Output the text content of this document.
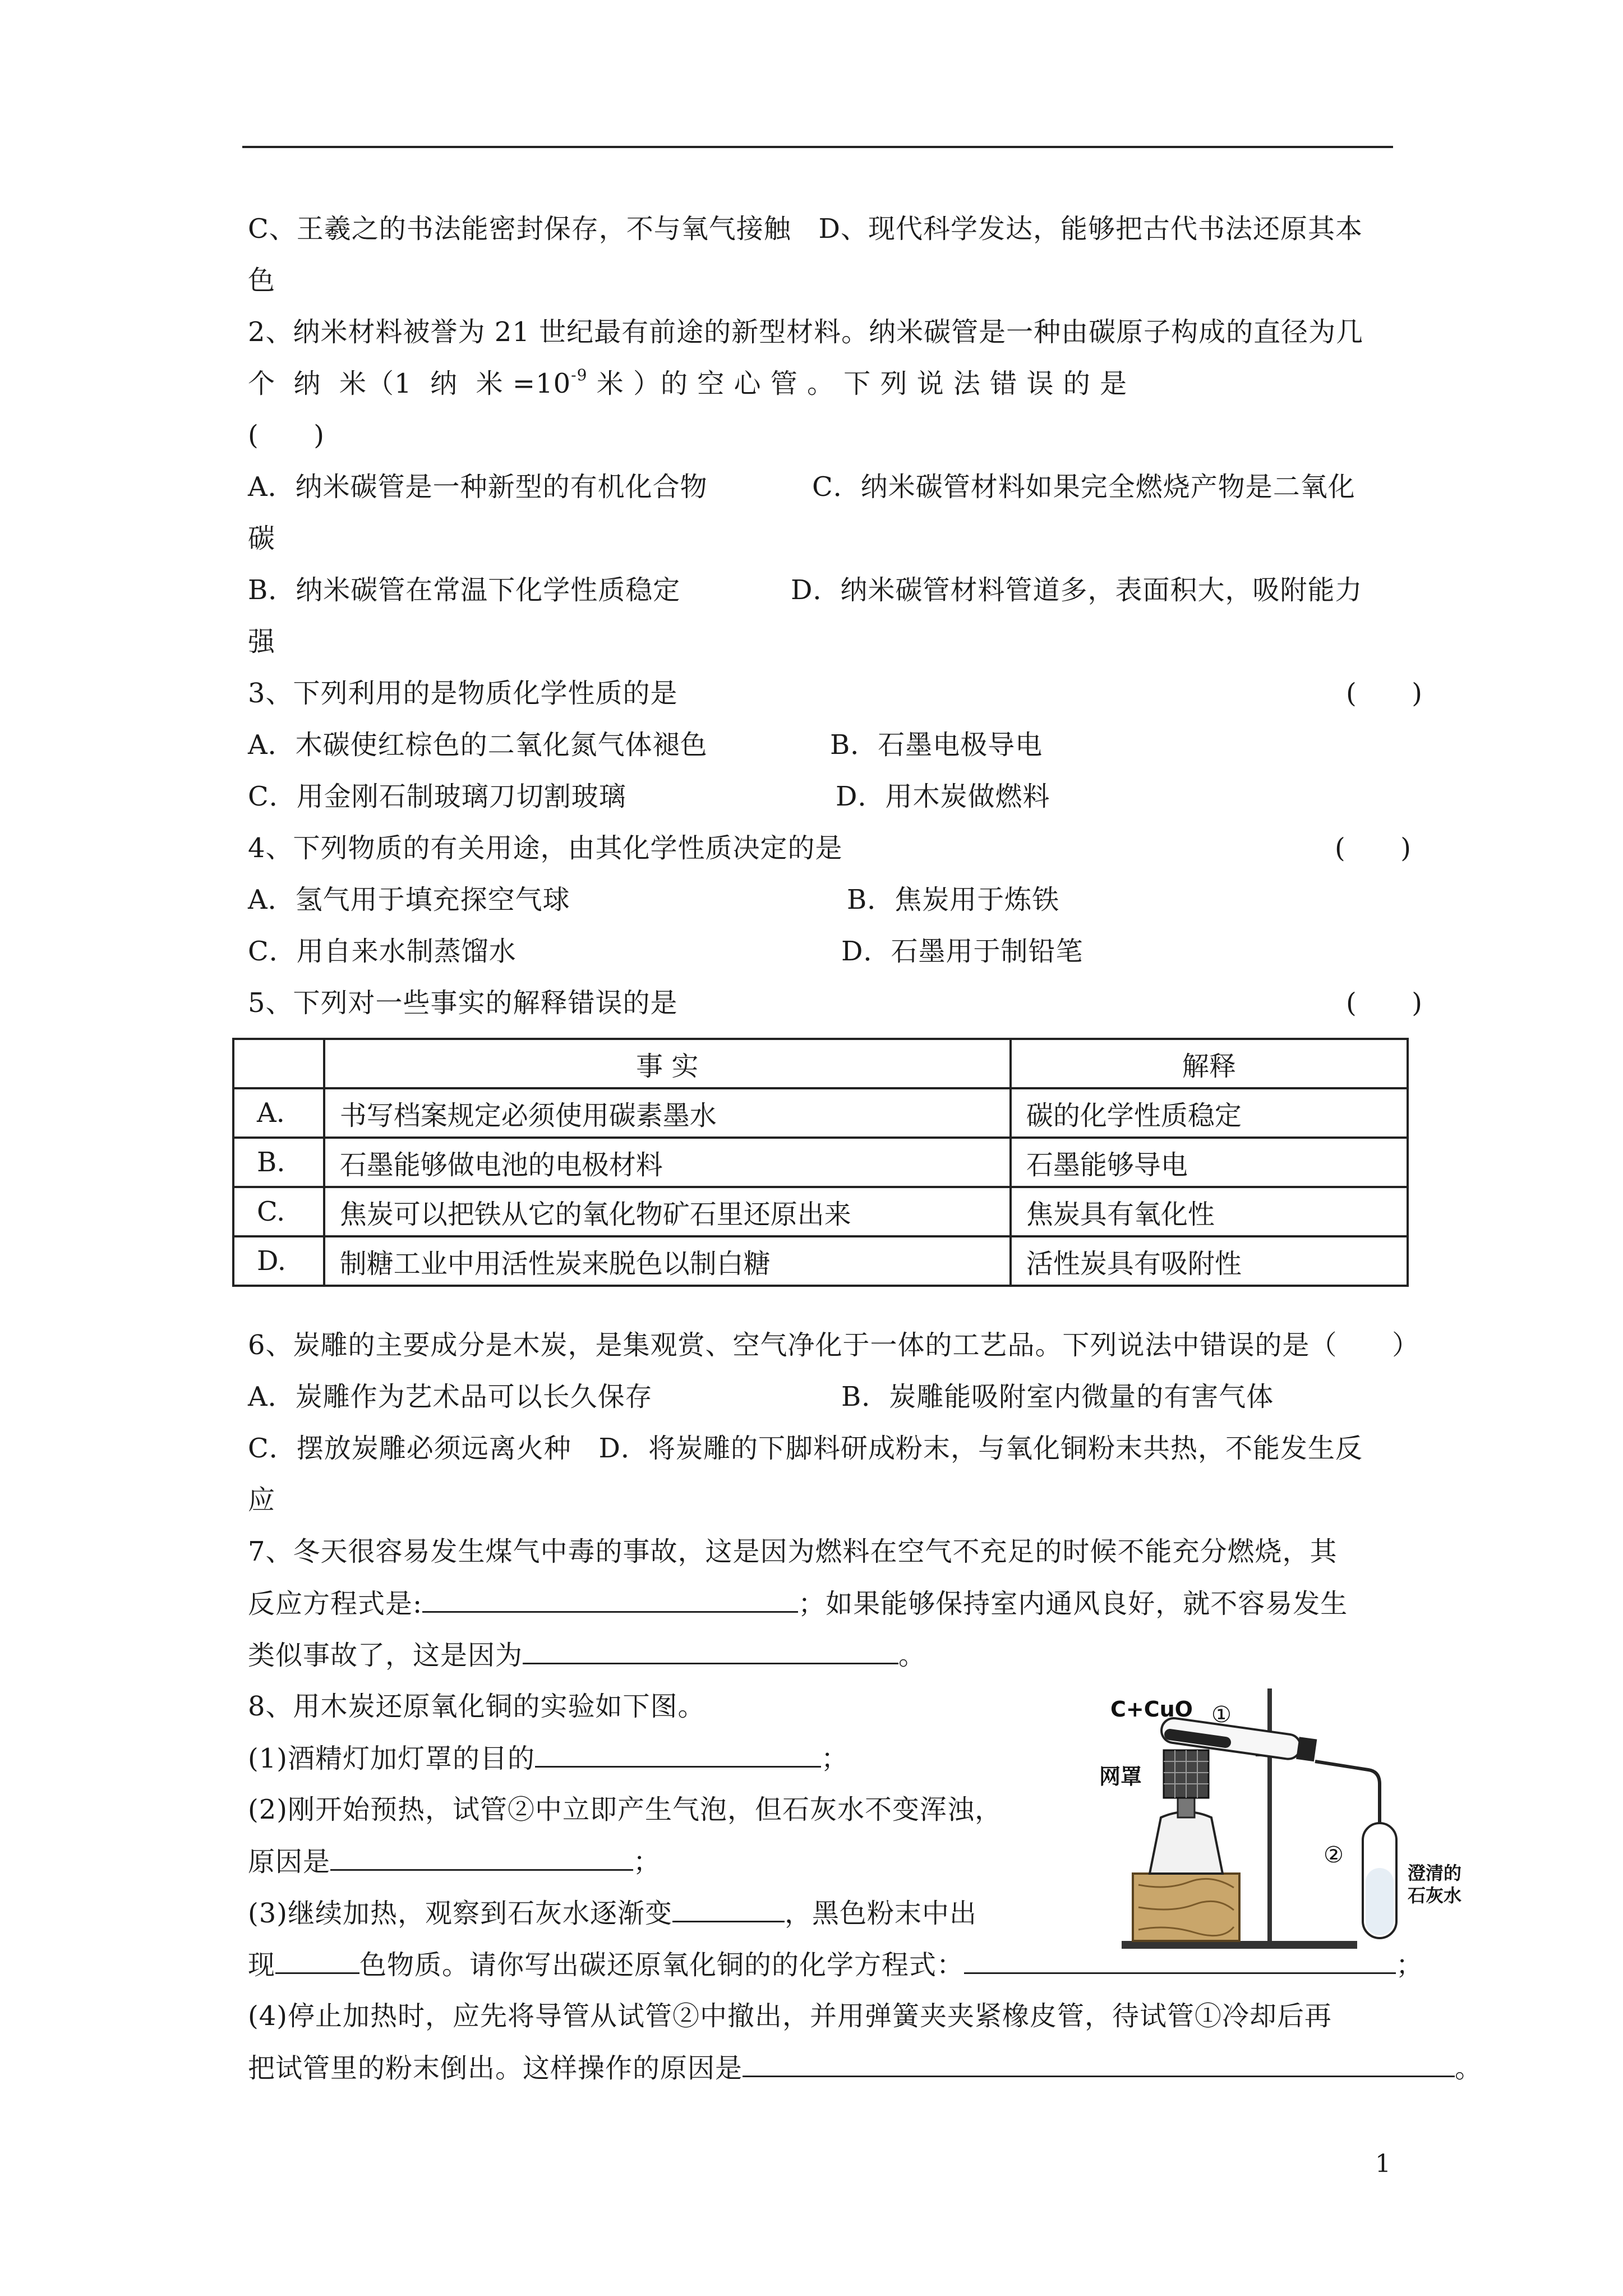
C、王羲之的书法能密封保存，不与氧气接触   D、现代科学发达，能够把古代书法还原其本
色
2、纳米材料被誉为 21 世纪最有前途的新型材料。纳米碳管是一种由碳原子构成的直径为几
个  纳  米（1  纳  米 $=10^{-9}$ 米 ）的 空 心 管 。 下 列 说 法 错 误 的 是
(      )
A．纳米碳管是一种新型的有机化合物	C．纳米碳管材料如果完全燃烧产物是二氧化
碳
B．纳米碳管在常温下化学性质稳定	D．纳米碳管材料管道多，表面积大，吸附能力
强
3、下列利用的是物质化学性质的是	(      )
A．木碳使红棕色的二氧化氮气体褪色	B．石墨电极导电
C．用金刚石制玻璃刀切割玻璃	D．用木炭做燃料
4、下列物质的有关用途，由其化学性质决定的是	(      )
A．氢气用于填充探空气球	B．焦炭用于炼铁
C．用自来水制蒸馏水	D．石墨用于制铅笔
5、下列对一些事实的解释错误的是	(      )
	事 实	解释
A.	书写档案规定必须使用碳素墨水	碳的化学性质稳定
B.	石墨能够做电池的电极材料	石墨能够导电
C.	焦炭可以把铁从它的氧化物矿石里还原出来	焦炭具有氧化性
D.	制糖工业中用活性炭来脱色以制白糖	活性炭具有吸附性
6、炭雕的主要成分是木炭，是集观赏、空气净化于一体的工艺品。下列说法中错误的是（      ）
A．炭雕作为艺术品可以长久保存	B．炭雕能吸附室内微量的有害气体
C．摆放炭雕必须远离火种   D．将炭雕的下脚料研成粉末，与氧化铜粉末共热，不能发生反
应
7、冬天很容易发生煤气中毒的事故，这是因为燃料在空气不充足的时候不能充分燃烧，其
反应方程式是:	；如果能够保持室内通风良好，就不容易发生
类似事故了，这是因为	。
8、用木炭还原氧化铜的实验如下图。
(1)酒精灯加灯罩的目的	；
(2)刚开始预热，试管②中立即产生气泡，但石灰水不变浑浊，
原因是	；
(3)继续加热，观察到石灰水逐渐变	，黑色粉末中出
现	色物质。请你写出碳还原氧化铜的的化学方程式：	；
(4)停止加热时，应先将导管从试管②中撤出，并用弹簧夹夹紧橡皮管，待试管①冷却后再
把试管里的粉末倒出。这样操作的原因是	。
C+CuO ①
网罩
②
澄清的
石灰水
1
